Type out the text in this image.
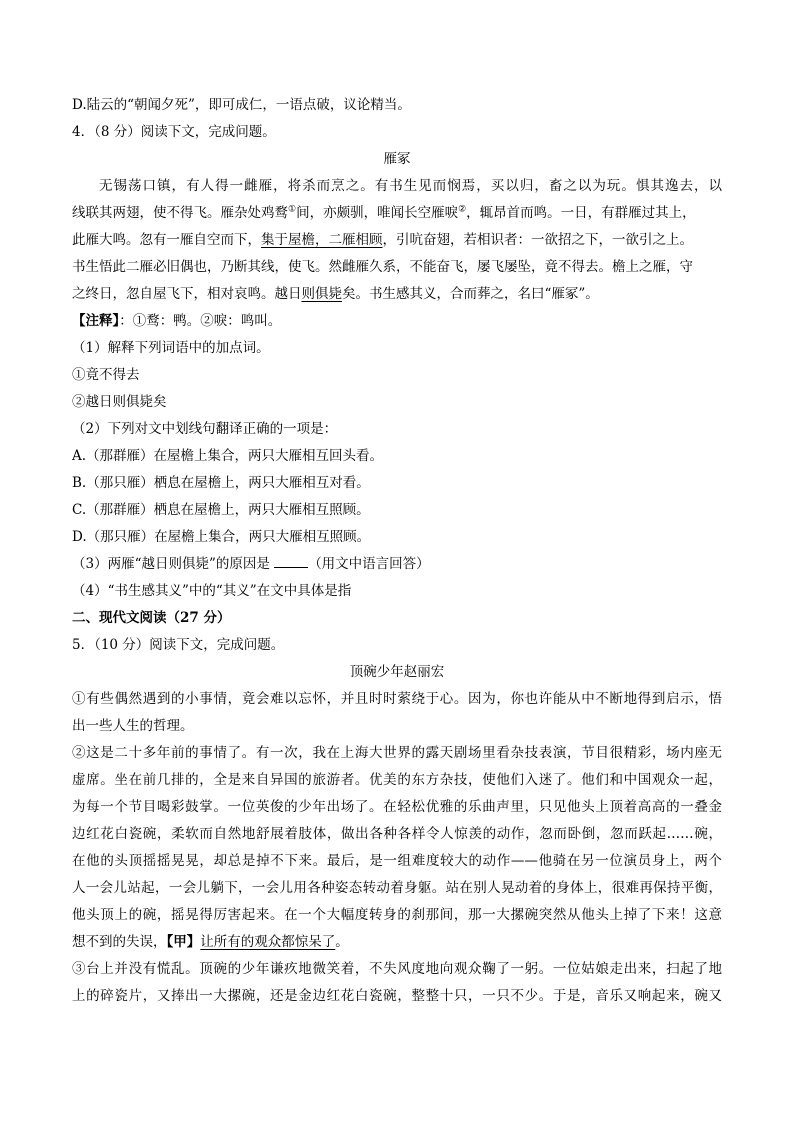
D.陆云的“朝闻夕死”，即可成仁，一语点破，议论精当。
4．（8 分）阅读下文，完成问题。
雁冢
无锡荡口镇，有人得一雌雁，将杀而烹之。有书生见而悯焉，买以归，畜之以为玩。惧其逸去，以
线联其两翅，使不得飞。雁杂处鸡鹜①间，亦颇驯，唯闻长空雁唳②，辄昂首而鸣。一日，有群雁过其上，
此雁大鸣。忽有一雁自空而下，集于屋檐，二雁相顾，引吭奋翅，若相识者：一欲招之下，一欲引之上。
书生悟此二雁必旧偶也，乃断其线，使飞。然雌雁久系，不能奋飞，屡飞屡坠，竟不得去。檐上之雁，守
之终日，忽自屋飞下，相对哀鸣。越日则俱毙矣。书生感其义，合而葬之，名曰“雁冢”。
【注释】：①鹜：鸭。②唳：鸣叫。
（1）解释下列词语中的加点词。
①竟不得去
②越日则俱毙矣
（2）下列对文中划线句翻译正确的一项是：
A.（那群雁）在屋檐上集合，两只大雁相互回头看。
B.（那只雁）栖息在屋檐上，两只大雁相互对看。
C.（那群雁）栖息在屋檐上，两只大雁相互照顾。
D.（那只雁）在屋檐上集合，两只大雁相互照顾。
（3）两雁“越日则俱毙”的原因是	（用文中语言回答）
（4）“书生感其义”中的“其义”在文中具体是指
二、现代文阅读（27 分）
5．（10 分）阅读下文，完成问题。
顶碗少年赵丽宏
①有些偶然遇到的小事情，竟会难以忘怀，并且时时萦绕于心。因为，你也许能从中不断地得到启示，悟
出一些人生的哲理。
②这是二十多年前的事情了。有一次，我在上海大世界的露天剧场里看杂技表演，节目很精彩，场内座无
虚席。坐在前几排的，全是来自异国的旅游者。优美的东方杂技，使他们入迷了。他们和中国观众一起，
为每一个节目喝彩鼓掌。一位英俊的少年出场了。在轻松优雅的乐曲声里，只见他头上顶着高高的一叠金
边红花白瓷碗，柔软而自然地舒展着肢体，做出各种各样令人惊羡的动作，忽而卧倒，忽而跃起……碗，
在他的头顶摇摇晃晃，却总是掉不下来。最后，是一组难度较大的动作——他骑在另一位演员身上，两个
人一会儿站起，一会儿躺下，一会儿用各种姿态转动着身躯。站在别人晃动着的身体上，很难再保持平衡，
他头顶上的碗，摇晃得厉害起来。在一个大幅度转身的刹那间，那一大摞碗突然从他头上掉了下来！这意
想不到的失误，【甲】让所有的观众都惊呆了。
③台上并没有慌乱。顶碗的少年谦疚地微笑着，不失风度地向观众鞠了一躬。一位姑娘走出来，扫起了地
上的碎瓷片，又捧出一大摞碗，还是金边红花白瓷碗，整整十只，一只不少。于是，音乐又响起来，碗又
